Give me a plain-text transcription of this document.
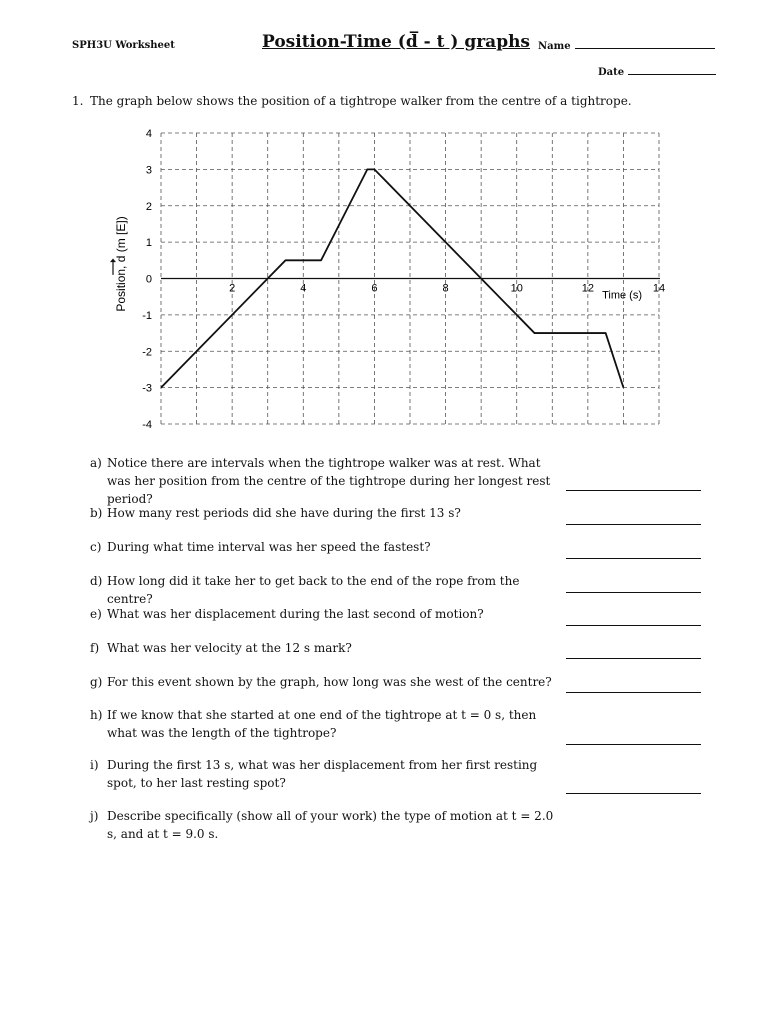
SPH3U Worksheet	Position-Time (d̅ - t ) graphs Name
Date
1. The graph below shows the position of a tightrope walker from the centre of a tightrope.
2	4	6	8	10	12	14
4
3
2
1
0
-1
-2
-3
-4
Time (s)
Position, d (m [E])
a) Notice there are intervals when the tightrope walker was at rest. What was her position from the centre of the tightrope during her longest rest period?
b) How many rest periods did she have during the first 13 s?
c) During what time interval was her speed the fastest?
d) How long did it take her to get back to the end of the rope from the centre?
e) What was her displacement during the last second of motion?
f) What was her velocity at the 12 s mark?
g) For this event shown by the graph, how long was she west of the centre?
h) If we know that she started at one end of the tightrope at t = 0 s, then what was the length of the tightrope?
i) During the first 13 s, what was her displacement from her first resting spot, to her last resting spot?
j) Describe specifically (show all of your work) the type of motion at t = 2.0 s, and at t = 9.0 s.
